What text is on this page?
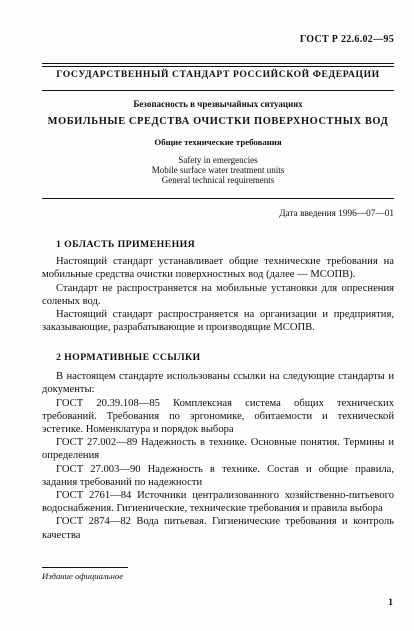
ГОСТ Р 22.6.02—95
ГОСУДАРСТВЕННЫЙ СТАНДАРТ РОССИЙСКОЙ ФЕДЕРАЦИИ
Безопасность в чрезвычайных ситуациях
МОБИЛЬНЫЕ СРЕДСТВА ОЧИСТКИ ПОВЕРХНОСТНЫХ ВОД
Общие технические требования
Safety in emergencies
Mobile surface water treatment units
General technical requirements
Дата введения 1996—07—01

1 ОБЛАСТЬ ПРИМЕНЕНИЯ

Настоящий стандарт устанавливает общие технические требования на мобильные средства очистки поверхностных вод (далее — МСОПВ).

Стандарт не распространяется на мобильные установки для опреснения соленых вод.

Настоящий стандарт распространяется на организации и предприятия, заказывающие, разрабатывающие и производящие МСОПВ.

2 НОРМАТИВНЫЕ ССЫЛКИ

В настоящем стандарте использованы ссылки на следующие стандарты и документы:

ГОСТ 20.39.108—85 Комплексная система общих технических требований. Требования по эргономике, обитаемости и технической эстетике. Номенклатура и порядок выбора

ГОСТ 27.002—89 Надежность в технике. Основные понятия. Термины и определения

ГОСТ 27.003—90 Надежность в технике. Состав и общие правила, задания требований по надежности

ГОСТ 2761—84 Источники централизованного хозяйственно-питьевого водоснабжения. Гигиенические, технические требования и правила выбора

ГОСТ 2874—82 Вода питьевая. Гигиенические требования и контроль качества

Издание официальное
1
